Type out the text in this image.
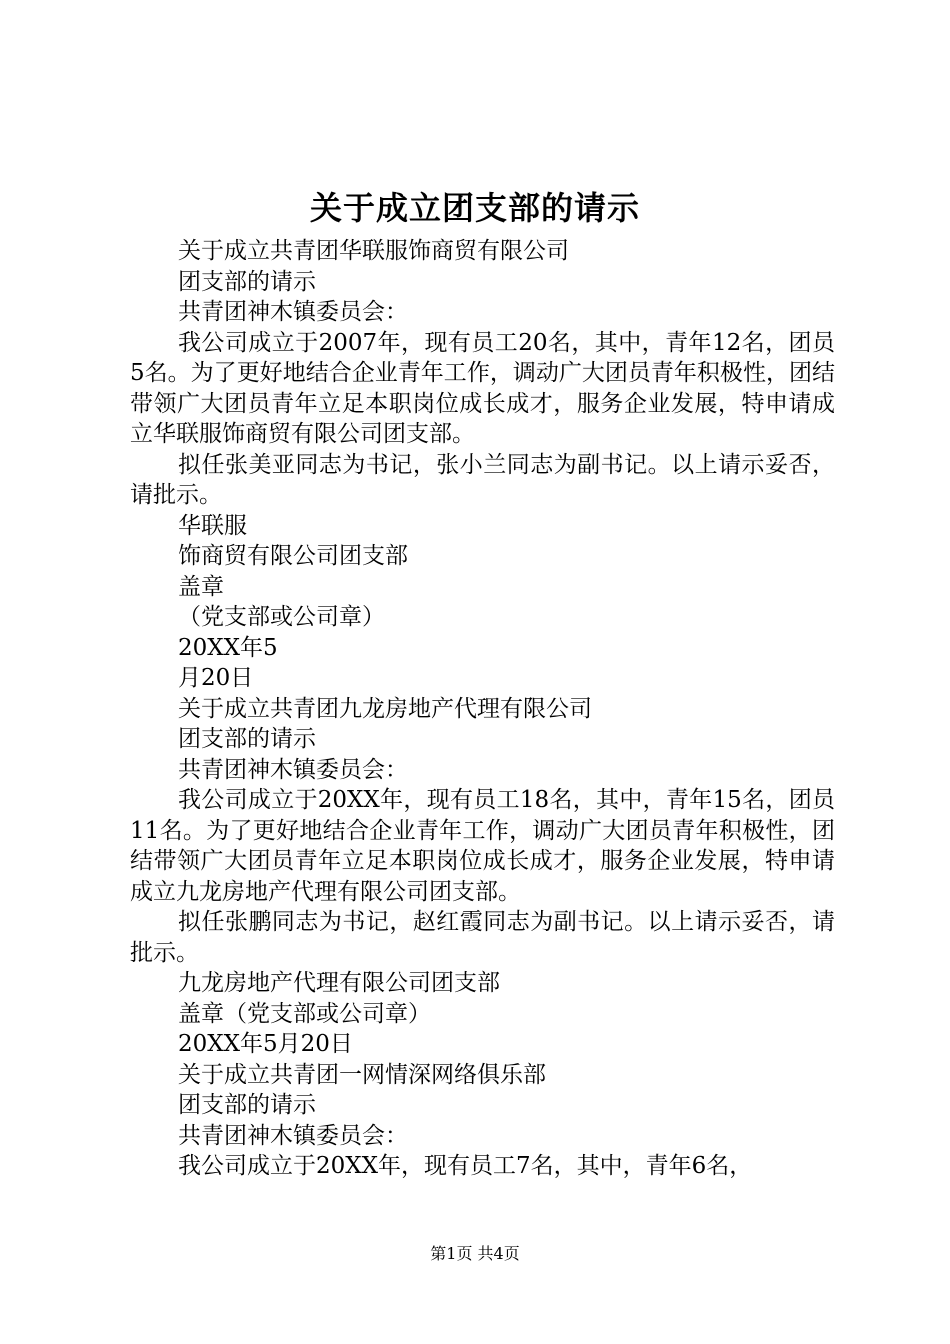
关于成立团支部的请示

关于成立共青团华联服饰商贸有限公司

团支部的请示

共青团神木镇委员会：

我公司成立于2007年，现有员工20名，其中，青年12名，团员5名。为了更好地结合企业青年工作，调动广大团员青年积极性，团结带领广大团员青年立足本职岗位成长成才，服务企业发展，特申请成立华联服饰商贸有限公司团支部。

拟任张美亚同志为书记，张小兰同志为副书记。以上请示妥否，请批示。

华联服

饰商贸有限公司团支部

盖章

（党支部或公司章）

20XX年5

月20日

关于成立共青团九龙房地产代理有限公司

团支部的请示

共青团神木镇委员会：

我公司成立于20XX年，现有员工18名，其中，青年15名，团员11名。为了更好地结合企业青年工作，调动广大团员青年积极性，团结带领广大团员青年立足本职岗位成长成才，服务企业发展，特申请成立九龙房地产代理有限公司团支部。

拟任张鹏同志为书记，赵红霞同志为副书记。以上请示妥否，请批示。

九龙房地产代理有限公司团支部

盖章（党支部或公司章）

20XX年5月20日

关于成立共青团一网情深网络俱乐部

团支部的请示

共青团神木镇委员会：

我公司成立于20XX年，现有员工7名，其中，青年6名，

第1页 共4页
